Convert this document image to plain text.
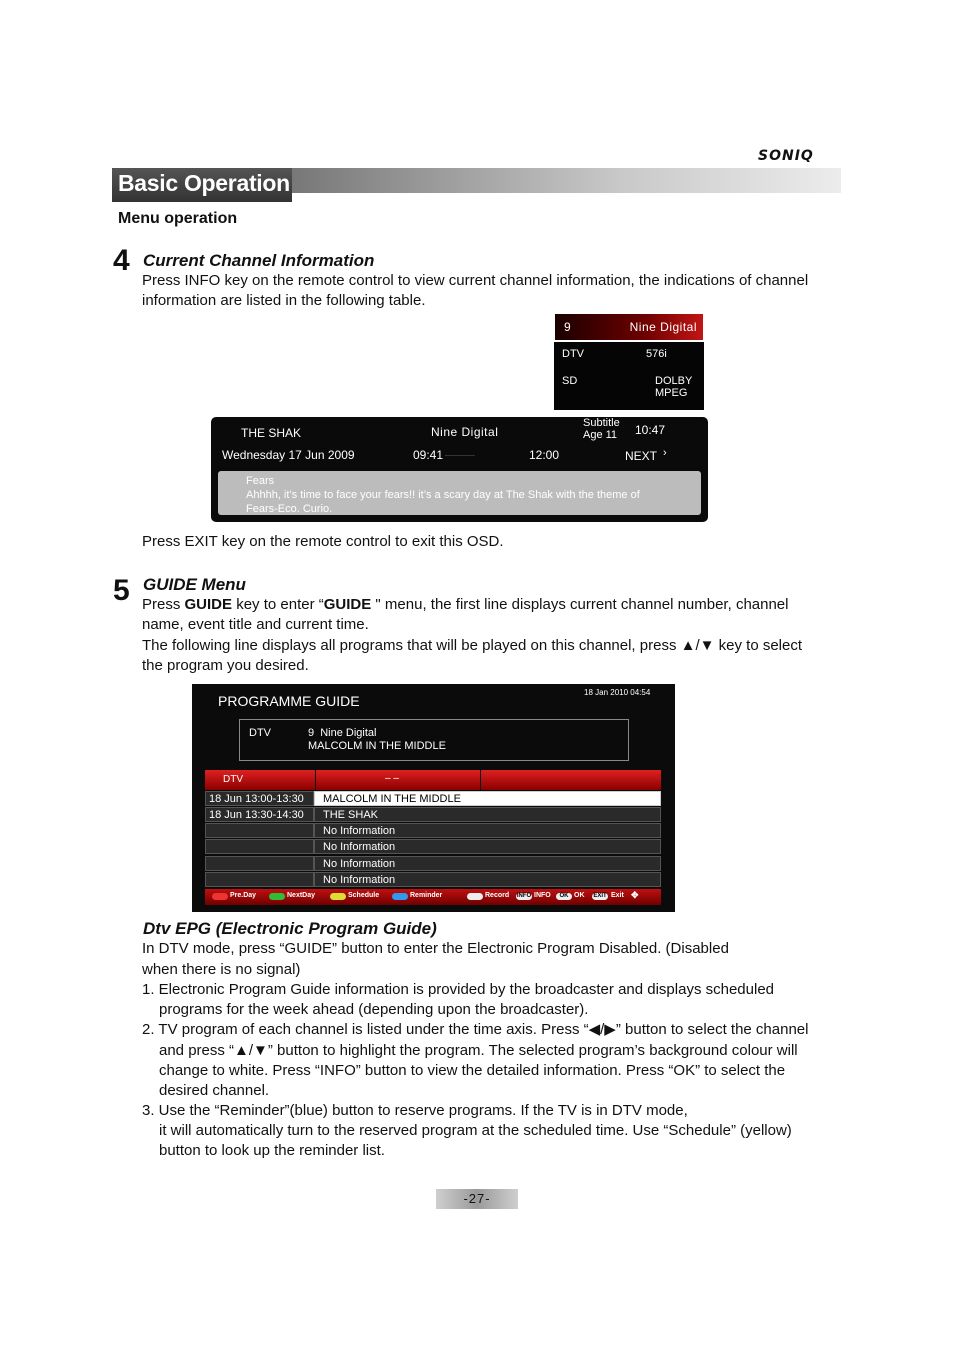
SONIQ
Basic Operation
Menu operation
4 Current Channel Information
Press INFO key on the remote control to view current channel information, the indications of channel
information are listed in the following table.
9	Nine Digital
DTV	576i
SD	DOLBY
MPEG
THE SHAK	Nine Digital
Subtitle
Age 11 10:47
Wednesday 17 Jun 2009	09:41	12:00	NEXT ›
Fears
Ahhhh, it’s time to face your fears!! it’s a scary day at The Shak with the theme of
Fears-Eco. Curio.
Press EXIT key on the remote control to exit this OSD.
5 GUIDE Menu
Press GUIDE key to enter “GUIDE " menu, the first line displays current channel number, channel
name, event title and current time.
The following line displays all programs that will be played on this channel, press ▲/▼ key to select
the program you desired.
PROGRAMME GUIDE
18 Jan 2010 04:54
DTV	9  Nine Digital
MALCOLM IN THE MIDDLE
DTV	– –
18 Jun 13:00-13:30	MALCOLM IN THE MIDDLE
18 Jun 13:30-14:30	THE SHAK
No Information
No Information
No Information
No Information
Pre.Day	NextDay	Schedule	Reminder	Record INFO INFO	OK OK EXIT Exit ✥
Dtv EPG (Electronic Program Guide)
In DTV mode, press “GUIDE” button to enter the Electronic Program Disabled. (Disabled
when there is no signal)
1. Electronic Program Guide information is provided by the broadcaster and displays scheduled
programs for the week ahead (depending upon the broadcaster).
2. TV program of each channel is listed under the time axis. Press “◀/▶” button to select the channel
and press “▲/▼” button to highlight the program. The selected program’s background colour will
change to white. Press “INFO” button to view the detailed information. Press “OK” to select the
desired channel.
3. Use the “Reminder”(blue) button to reserve programs. If the TV is in DTV mode,
it will automatically turn to the reserved program at the scheduled time. Use “Schedule” (yellow)
button to look up the reminder list.
-27-
